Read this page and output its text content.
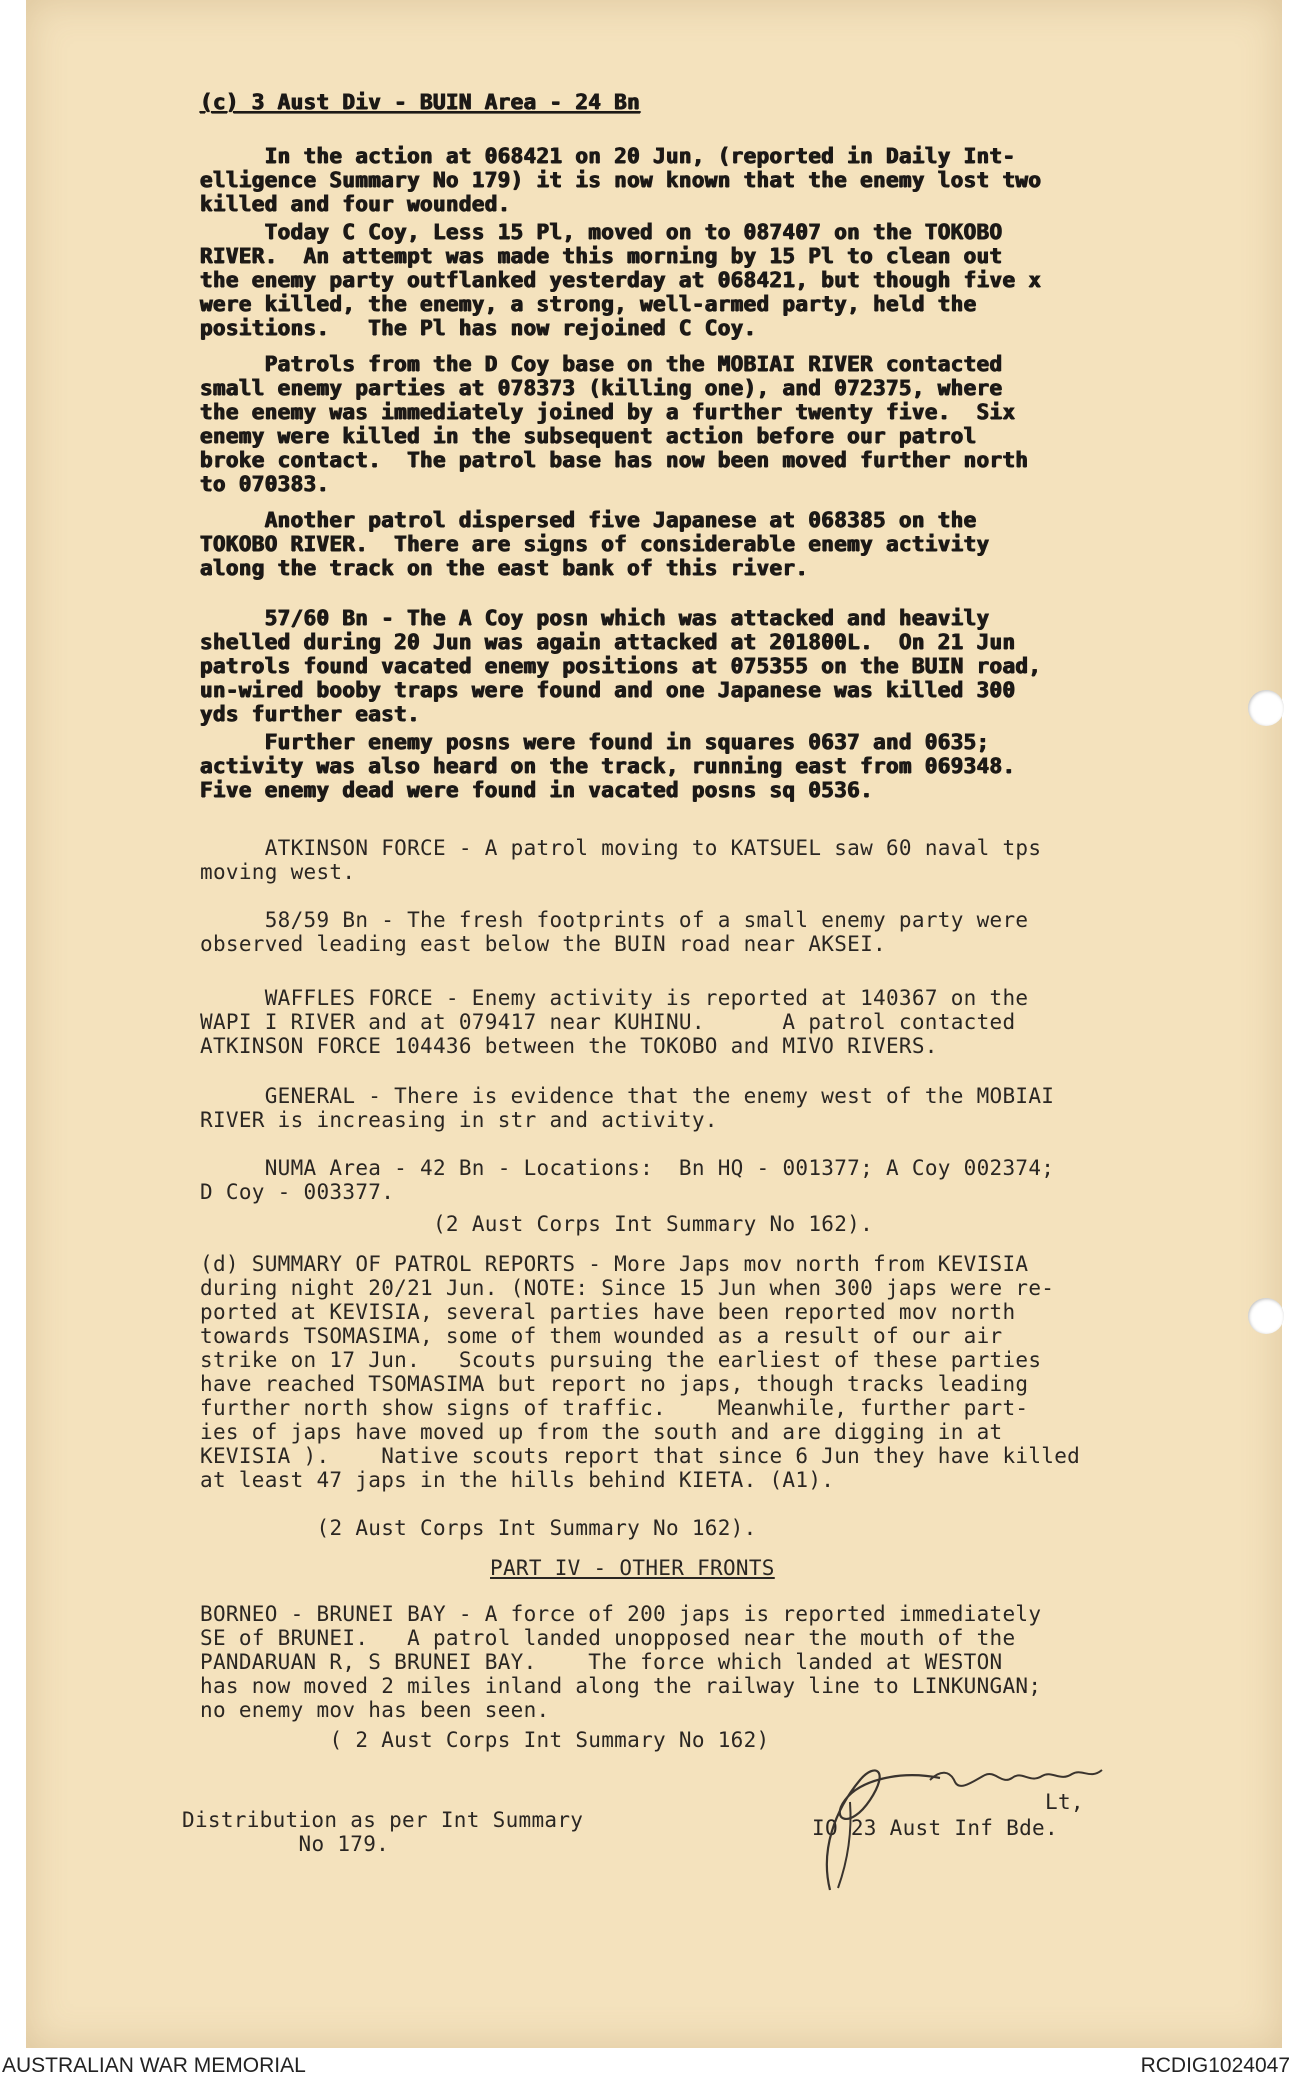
(c) 3 Aust Div - BUIN Area - 24 Bn
In the action at 068421 on 20 Jun, (reported in Daily Int-
elligence Summary No 179) it is now known that the enemy lost two
killed and four wounded.
Today C Coy, Less 15 Pl, moved on to 087407 on the TOKOBO
RIVER.  An attempt was made this morning by 15 Pl to clean out
the enemy party outflanked yesterday at 068421, but though five x
were killed, the enemy, a strong, well-armed party, held the
positions.   The Pl has now rejoined C Coy.
Patrols from the D Coy base on the MOBIAI RIVER contacted
small enemy parties at 078373 (killing one), and 072375, where
the enemy was immediately joined by a further twenty five.  Six
enemy were killed in the subsequent action before our patrol
broke contact.  The patrol base has now been moved further north
to 070383.
Another patrol dispersed five Japanese at 068385 on the
TOKOBO RIVER.  There are signs of considerable enemy activity
along the track on the east bank of this river.
57/60 Bn - The A Coy posn which was attacked and heavily
shelled during 20 Jun was again attacked at 201800L.  On 21 Jun
patrols found vacated enemy positions at 075355 on the BUIN road,
un-wired booby traps were found and one Japanese was killed 300
yds further east.
Further enemy posns were found in squares 0637 and 0635;
activity was also heard on the track, running east from 069348.
Five enemy dead were found in vacated posns sq 0536.
ATKINSON FORCE - A patrol moving to KATSUEL saw 60 naval tps
moving west.
58/59 Bn - The fresh footprints of a small enemy party were
observed leading east below the BUIN road near AKSEI.
WAFFLES FORCE - Enemy activity is reported at 140367 on the
WAPI I RIVER and at 079417 near KUHINU.      A patrol contacted
ATKINSON FORCE 104436 between the TOKOBO and MIVO RIVERS.
GENERAL - There is evidence that the enemy west of the MOBIAI
RIVER is increasing in str and activity.
NUMA Area - 42 Bn - Locations:  Bn HQ - 001377; A Coy 002374;
D Coy - 003377.
(2 Aust Corps Int Summary No 162).
(d) SUMMARY OF PATROL REPORTS - More Japs mov north from KEVISIA
during night 20/21 Jun. (NOTE: Since 15 Jun when 300 japs were re-
ported at KEVISIA, several parties have been reported mov north
towards TSOMASIMA, some of them wounded as a result of our air
strike on 17 Jun.   Scouts pursuing the earliest of these parties
have reached TSOMASIMA but report no japs, though tracks leading
further north show signs of traffic.    Meanwhile, further part-
ies of japs have moved up from the south and are digging in at
KEVISIA ).    Native scouts report that since 6 Jun they have killed
at least 47 japs in the hills behind KIETA. (A1).
(2 Aust Corps Int Summary No 162).
PART IV - OTHER FRONTS
BORNEO - BRUNEI BAY - A force of 200 japs is reported immediately
SE of BRUNEI.   A patrol landed unopposed near the mouth of the
PANDARUAN R, S BRUNEI BAY.    The force which landed at WESTON
has now moved 2 miles inland along the railway line to LINKUNGAN;
no enemy mov has been seen.
( 2 Aust Corps Int Summary No 162)
Distribution as per Int Summary
No 179.
Lt,
IO 23 Aust Inf Bde.
AUSTRALIAN WAR MEMORIAL	RCDIG1024047
